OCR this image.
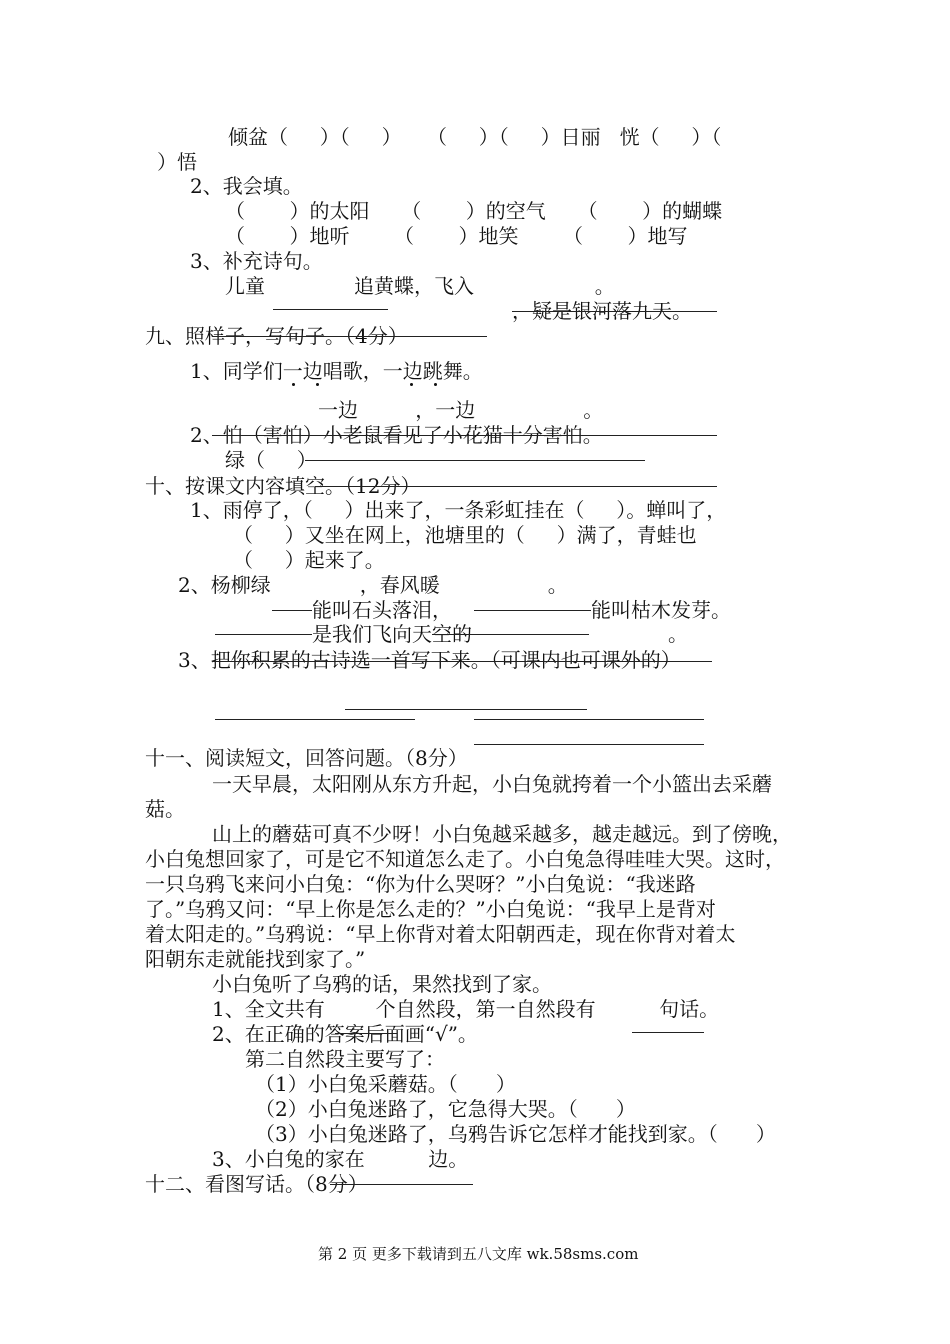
倾盆（     ）（     ）    （     ）（     ）日丽   恍（     ）（
）悟
2、我会填。
（       ）的太阳     （       ）的空气     （       ）的蝴蝶
（       ）地听       （       ）地笑       （       ）地写
3、补充诗句。
儿童              追黄蝶，飞入                   。
，疑是银河落九天。
九、照样子，写句子。（4分）
1、同学们一边唱歌，一边跳舞。
一边         ，一边                 。
2、怕（害怕）小老鼠看见了小花猫十分害怕。
绿（     ）
十、按课文内容填空。（12分）
1、雨停了，（     ）出来了，一条彩虹挂在（     ）。蝉叫了，
（     ）又坐在网上，池塘里的（     ）满了，青蛙也
（     ）起来了。
2、杨柳绿              ，春风暖                 。
能叫石头落泪，	能叫枯木发芽。
是我们飞向天空的	。
3、把你积累的古诗选一首写下来。（可课内也可课外的）
十一、阅读短文，回答问题。（8分）
一天早晨，太阳刚从东方升起，小白兔就挎着一个小篮出去采蘑
菇。
山上的蘑菇可真不少呀！小白兔越采越多，越走越远。到了傍晚，
小白兔想回家了，可是它不知道怎么走了。小白兔急得哇哇大哭。这时，
一只乌鸦飞来问小白兔：“你为什么哭呀？”小白兔说：“我迷路
了。”乌鸦又问：“早上你是怎么走的？”小白兔说：“我早上是背对
着太阳走的。”乌鸦说：“早上你背对着太阳朝西走，现在你背对着太
阳朝东走就能找到家了。”
小白兔听了乌鸦的话，果然找到了家。
1、全文共有        个自然段，第一自然段有          句话。
2、在正确的答案后面画“√”。
第二自然段主要写了：
（1）小白兔采蘑菇。（      ）
（2）小白兔迷路了，它急得大哭。（      ）
（3）小白兔迷路了，乌鸦告诉它怎样才能找到家。（      ）
3、小白兔的家在          边。
十二、看图写话。（8分）
第 2 页 更多下载请到五八文库 wk.58sms.com
